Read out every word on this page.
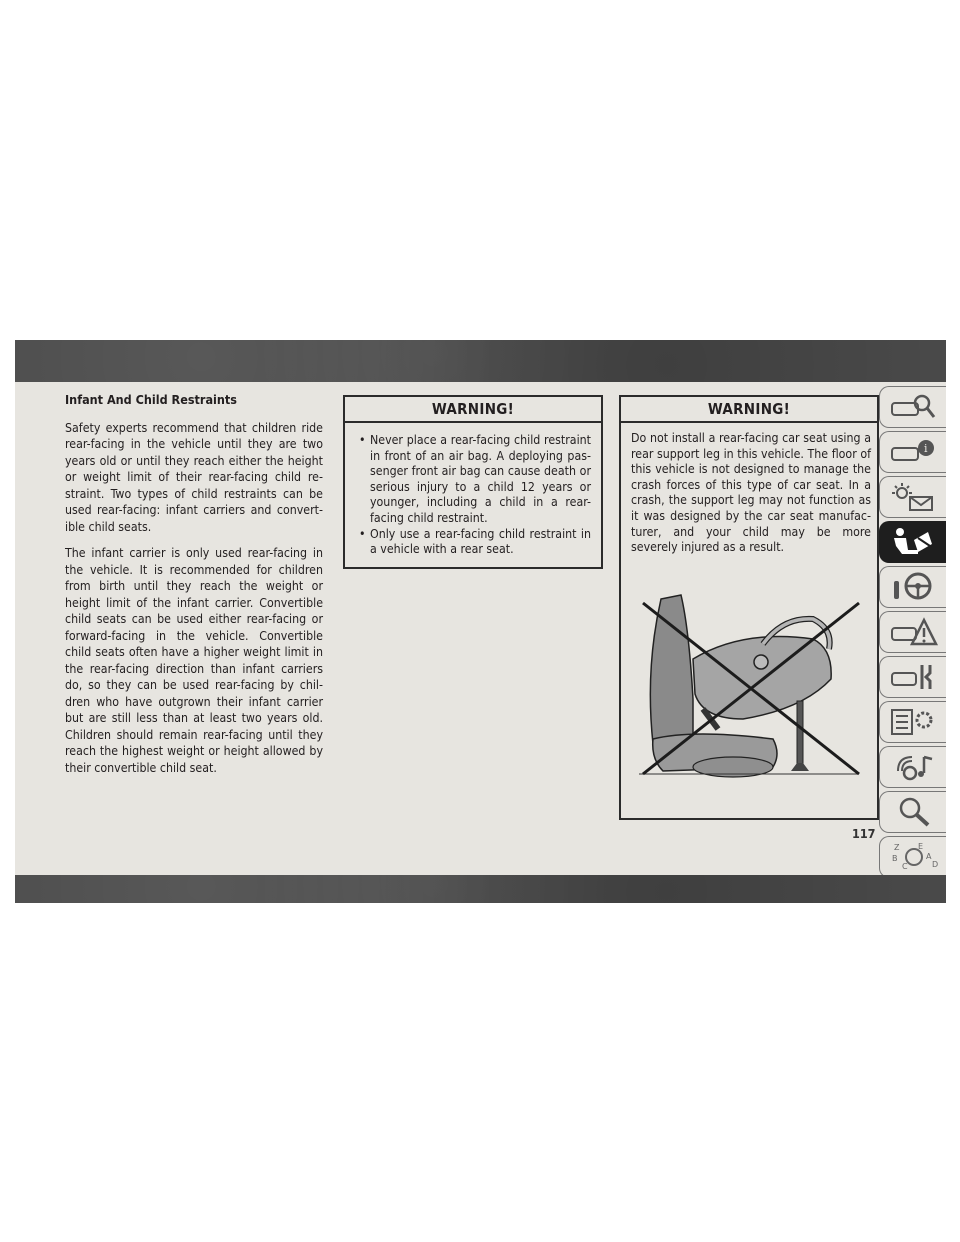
Infant And Child Restraints

Safety experts recommend that children ride rear-facing in the vehicle until they are two years old or until they reach either the height or weight limit of their rear-facing child re-straint. Two types of child restraints can be used rear-facing: infant carriers and convert-ible child seats.

The infant carrier is only used rear-facing in the vehicle. It is recommended for children from birth until they reach the weight or height limit of the infant carrier. Convertible child seats can be used either rear-facing or forward-facing in the vehicle. Convertible child seats often have a higher weight limit in the rear-facing direction than infant carriers do, so they can be used rear-facing by chil-dren who have outgrown their infant carrier but are still less than at least two years old. Children should remain rear-facing until they reach the highest weight or height allowed by their convertible child seat.

WARNING!
• Never place a rear-facing child restraint in front of an air bag. A deploying pas-senger front air bag can cause death or serious injury to a child 12 years or younger, including a child in a rear-facing child restraint.
• Only use a rear-facing child restraint in a vehicle with a rear seat.
WARNING!

Do not install a rear-facing car seat using a rear support leg in this vehicle. The floor of this vehicle is not designed to manage the crash forces of this type of car seat. In a crash, the support leg may not function as it was designed by the car seat manufac-turer, and your child may be more severely injured as a result.

i
Z E
B	A
C	D
117
